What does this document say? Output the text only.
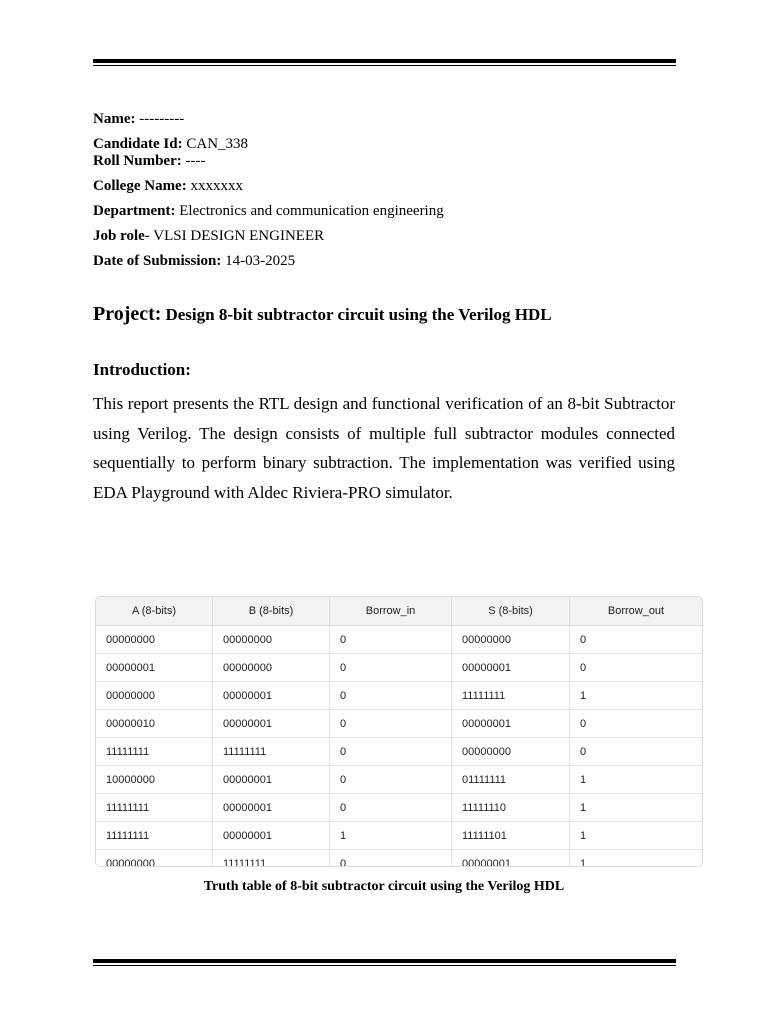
Name: ---------
Candidate Id: CAN_338
Roll Number: ----
College Name: xxxxxxx
Department: Electronics and communication engineering
Job role- VLSI DESIGN ENGINEER
Date of Submission: 14-03-2025
Project: Design 8-bit subtractor circuit using the Verilog HDL
Introduction:
This report presents the RTL design and functional verification of an 8-bit Subtractor using Verilog. The design consists of multiple full subtractor modules connected sequentially to perform binary subtraction. The implementation was verified using EDA Playground with Aldec Riviera-PRO simulator.
A (8-bits)	B (8-bits)	Borrow_in	S (8-bits)	Borrow_out
00000000	00000000	0	00000000	0
00000001	00000000	0	00000001	0
00000000	00000001	0	11111111	1
00000010	00000001	0	00000001	0
11111111	11111111	0	00000000	0
10000000	00000001	0	01111111	1
11111111	00000001	0	11111110	1
11111111	00000001	1	11111101	1
00000000	11111111	0	00000001	1
Truth table of 8-bit subtractor circuit using the Verilog HDL
